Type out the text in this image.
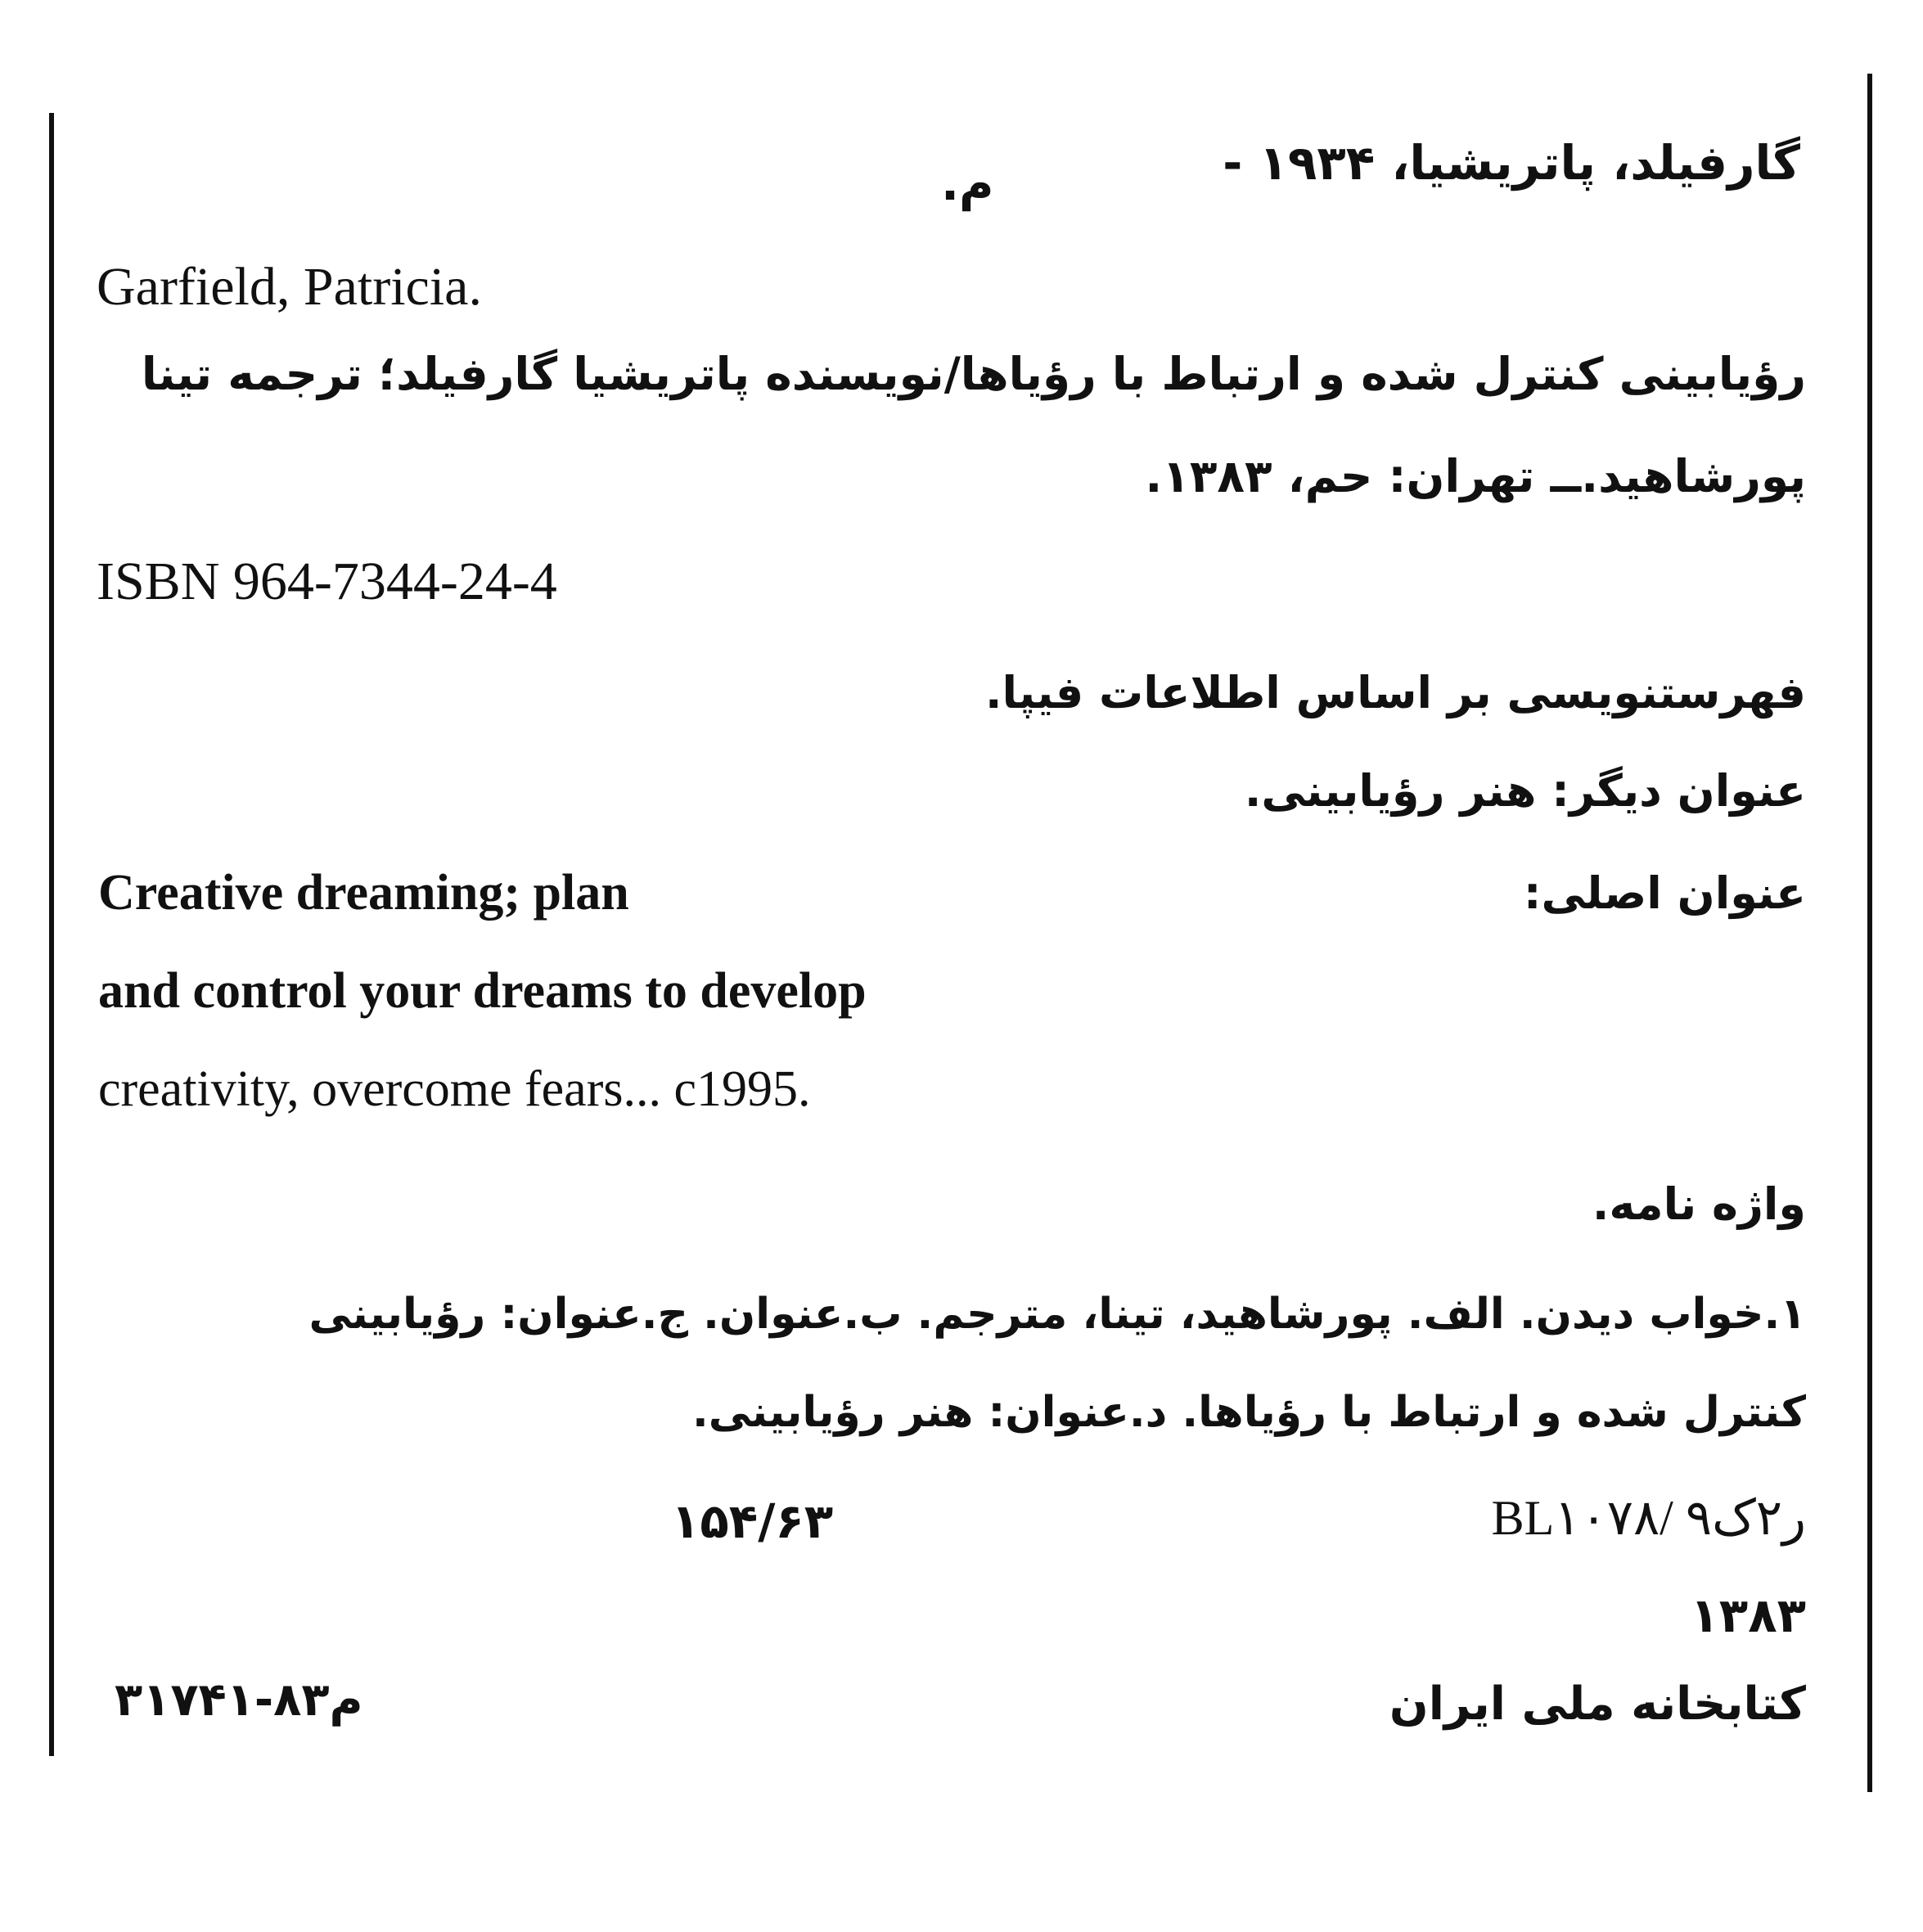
گارفیلد، پاتریشیا، ۱۹۳۴ -
م.
Garfield, Patricia.
رؤیابینی کنترل شده و ارتباط با رؤیاها/نویسنده پاتریشیا گارفیلد؛ ترجمه تینا
پورشاهید.ــ تهران: حم، ۱۳۸۳.
ISBN 964-7344-24-4
فهرستنویسی بر اساس اطلاعات فیپا.
عنوان دیگر: هنر رؤیابینی.
عنوان اصلی:
Creative dreaming; plan
and control your dreams to develop
creativity, overcome fears... c1995.
واژه نامه.
۱.خواب دیدن. الف. پورشاهید، تینا، مترجم. ب.عنوان. ج.عنوان: رؤیابینی
کنترل شده و ارتباط با رؤیاها. د.عنوان: هنر رؤیابینی.
BL۱۰۷۸/ ۹ر۲ک
۱۵۴/۶۳
۱۳۸۳
کتابخانه ملی ایران
م۸۳-۳۱۷۴۱
